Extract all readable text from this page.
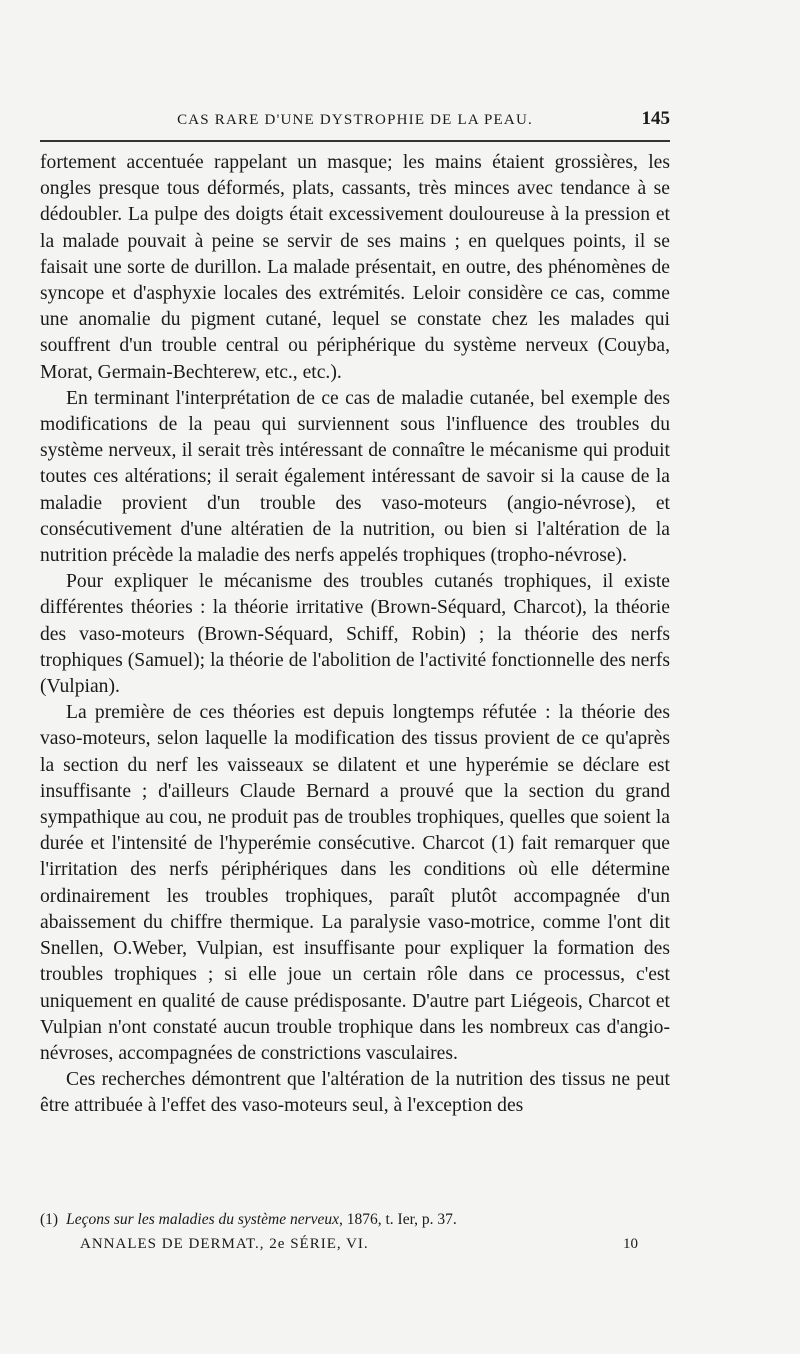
CAS RARE D'UNE DYSTROPHIE DE LA PEAU.	145

fortement accentuée rappelant un masque; les mains étaient grossières, les ongles presque tous déformés, plats, cassants, très minces avec tendance à se dédoubler. La pulpe des doigts était excessivement douloureuse à la pression et la malade pouvait à peine se servir de ses mains ; en quelques points, il se faisait une sorte de durillon. La malade présentait, en outre, des phénomènes de syncope et d'asphyxie locales des extrémités. Leloir considère ce cas, comme une anomalie du pigment cutané, lequel se constate chez les malades qui souffrent d'un trouble central ou périphérique du système nerveux (Couyba, Morat, Germain-Bechterew, etc., etc.).

En terminant l'interprétation de ce cas de maladie cutanée, bel exemple des modifications de la peau qui surviennent sous l'influence des troubles du système nerveux, il serait très intéressant de connaître le mécanisme qui produit toutes ces altérations; il serait également intéressant de savoir si la cause de la maladie provient d'un trouble des vaso-moteurs (angio-névrose), et consécutivement d'une altératien de la nutrition, ou bien si l'altération de la nutrition précède la maladie des nerfs appelés trophiques (tropho-névrose).

Pour expliquer le mécanisme des troubles cutanés trophiques, il existe différentes théories : la théorie irritative (Brown-Séquard, Charcot), la théorie des vaso-moteurs (Brown-Séquard, Schiff, Robin) ; la théorie des nerfs trophiques (Samuel); la théorie de l'abolition de l'activité fonctionnelle des nerfs (Vulpian).

La première de ces théories est depuis longtemps réfutée : la théorie des vaso-moteurs, selon laquelle la modification des tissus provient de ce qu'après la section du nerf les vaisseaux se dilatent et une hyperémie se déclare est insuffisante ; d'ailleurs Claude Bernard a prouvé que la section du grand sympathique au cou, ne produit pas de troubles trophiques, quelles que soient la durée et l'intensité de l'hyperémie consécutive. Charcot (1) fait remarquer que l'irritation des nerfs périphériques dans les conditions où elle détermine ordinairement les troubles trophiques, paraît plutôt accompagnée d'un abaissement du chiffre thermique. La paralysie vaso-motrice, comme l'ont dit Snellen, O.Weber, Vulpian, est insuffisante pour expliquer la formation des troubles trophiques ; si elle joue un certain rôle dans ce processus, c'est uniquement en qualité de cause prédisposante. D'autre part Liégeois, Charcot et Vulpian n'ont constaté aucun trouble trophique dans les nombreux cas d'angio-névroses, accompagnées de constrictions vasculaires.

Ces recherches démontrent que l'altération de la nutrition des tissus ne peut être attribuée à l'effet des vaso-moteurs seul, à l'exception des

(1) Leçons sur les maladies du système nerveux, 1876, t. Ier, p. 37.
ANNALES DE DERMAT., 2e SÉRIE, VI.	10
